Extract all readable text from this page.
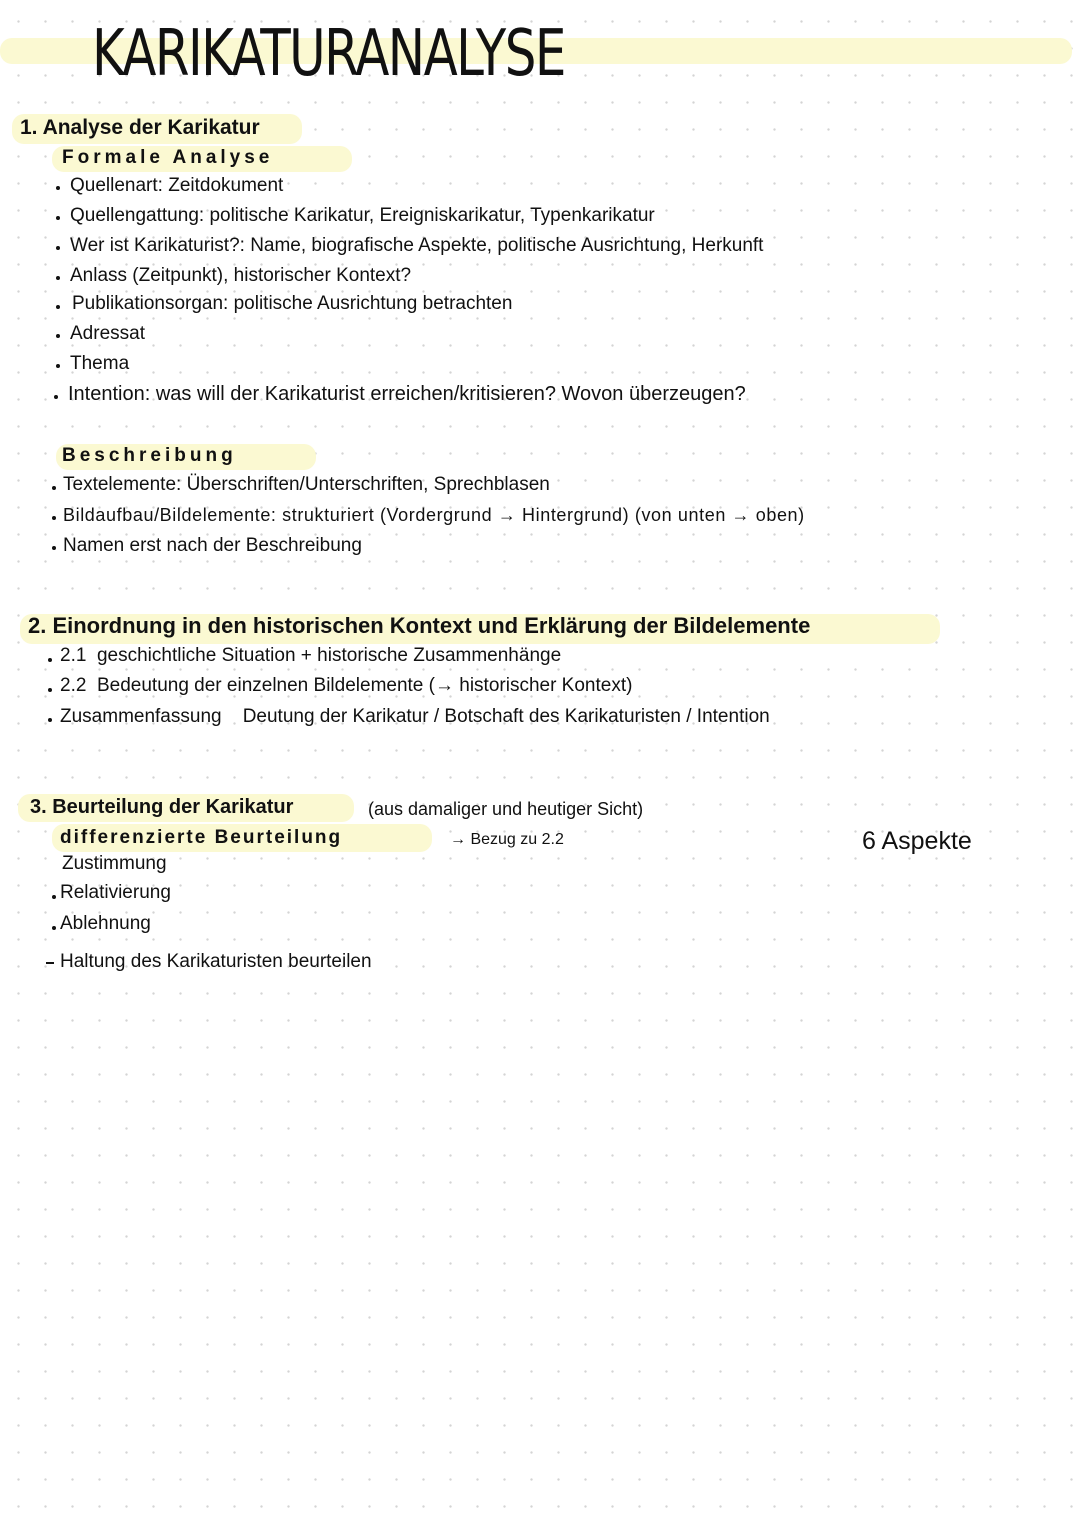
KARIKATURANALYSE
1. Analyse der Karikatur
Formale Analyse
Quellenart: Zeitdokument
Quellengattung: politische Karikatur, Ereigniskarikatur, Typenkarikatur
Wer ist Karikaturist?: Name, biografische Aspekte, politische Ausrichtung, Herkunft
Anlass (Zeitpunkt), historischer Kontext?
Publikationsorgan: politische Ausrichtung betrachten
Adressat
Thema
Intention: was will der Karikaturist erreichen/kritisieren? Wovon überzeugen?
Beschreibung
Textelemente: Überschriften/Unterschriften, Sprechblasen
Bildaufbau/Bildelemente: strukturiert (Vordergrund → Hintergrund) (von unten → oben)
Namen erst nach der Beschreibung
2. Einordnung in den historischen Kontext und Erklärung der Bildelemente
2.1  geschichtliche Situation + historische Zusammenhänge
2.2  Bedeutung der einzelnen Bildelemente (→ historischer Kontext)
Zusammenfassung    Deutung der Karikatur / Botschaft des Karikaturisten / Intention
3. Beurteilung der Karikatur	(aus damaliger und heutiger Sicht)
differenzierte Beurteilung	→ Bezug zu 2.2	6 Aspekte
Zustimmung
Relativierung
Ablehnung
Haltung des Karikaturisten beurteilen
